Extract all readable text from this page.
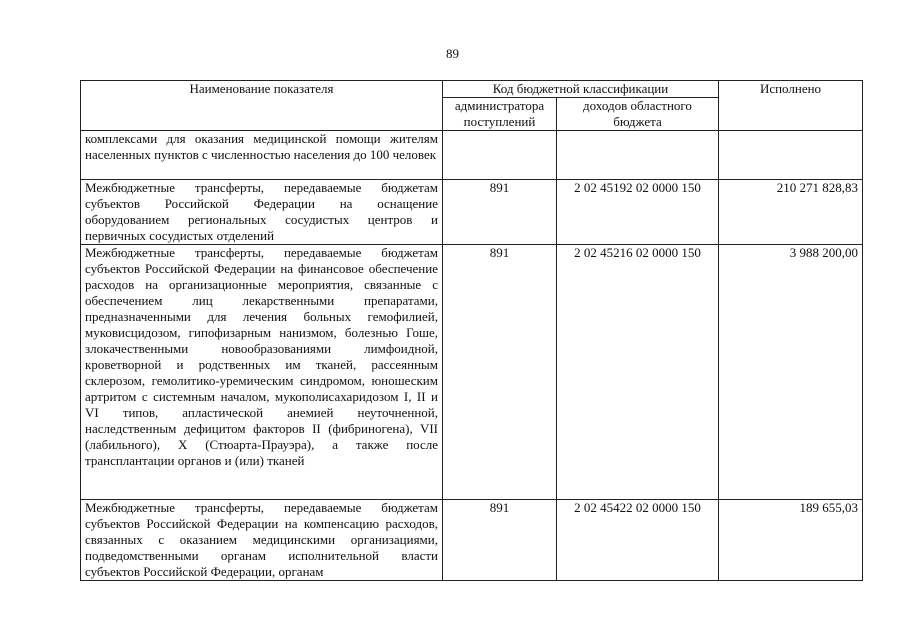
89
Наименование показателя	Код бюджетной классификации		Исполнено
	администратора поступлений	доходов областного бюджета	
комплексами для оказания медицинской помощи жителям населенных пунктов с численностью населения до 100 человек			
Межбюджетные трансферты, передаваемые бюджетам субъектов Российской Федерации на оснащение оборудованием региональных сосудистых центров и первичных сосудистых отделений	891	2 02 45192 02 0000 150	210 271 828,83
Межбюджетные трансферты, передаваемые бюджетам субъектов Российской Федерации на финансовое обеспечение расходов на организационные мероприятия, связанные с обеспечением лиц лекарственными препаратами, предназначенными для лечения больных гемофилией, муковисцидозом, гипофизарным нанизмом, болезнью Гоше, злокачественными новообразованиями лимфоидной, кроветворной и родственных им тканей, рассеянным склерозом, гемолитико-уремическим синдромом, юношеским артритом с системным началом, мукополисахаридозом I, II и VI типов, апластической анемией неуточненной, наследственным дефицитом факторов II (фибриногена), VII (лабильного), X (Стюарта-Прауэра), а также после трансплантации органов и (или) тканей	891	2 02 45216 02 0000 150	3 988 200,00
Межбюджетные трансферты, передаваемые бюджетам субъектов Российской Федерации на компенсацию расходов, связанных с оказанием медицинскими организациями, подведомственными органам исполнительной власти субъектов Российской Федерации, органам	891	2 02 45422 02 0000 150	189 655,03
